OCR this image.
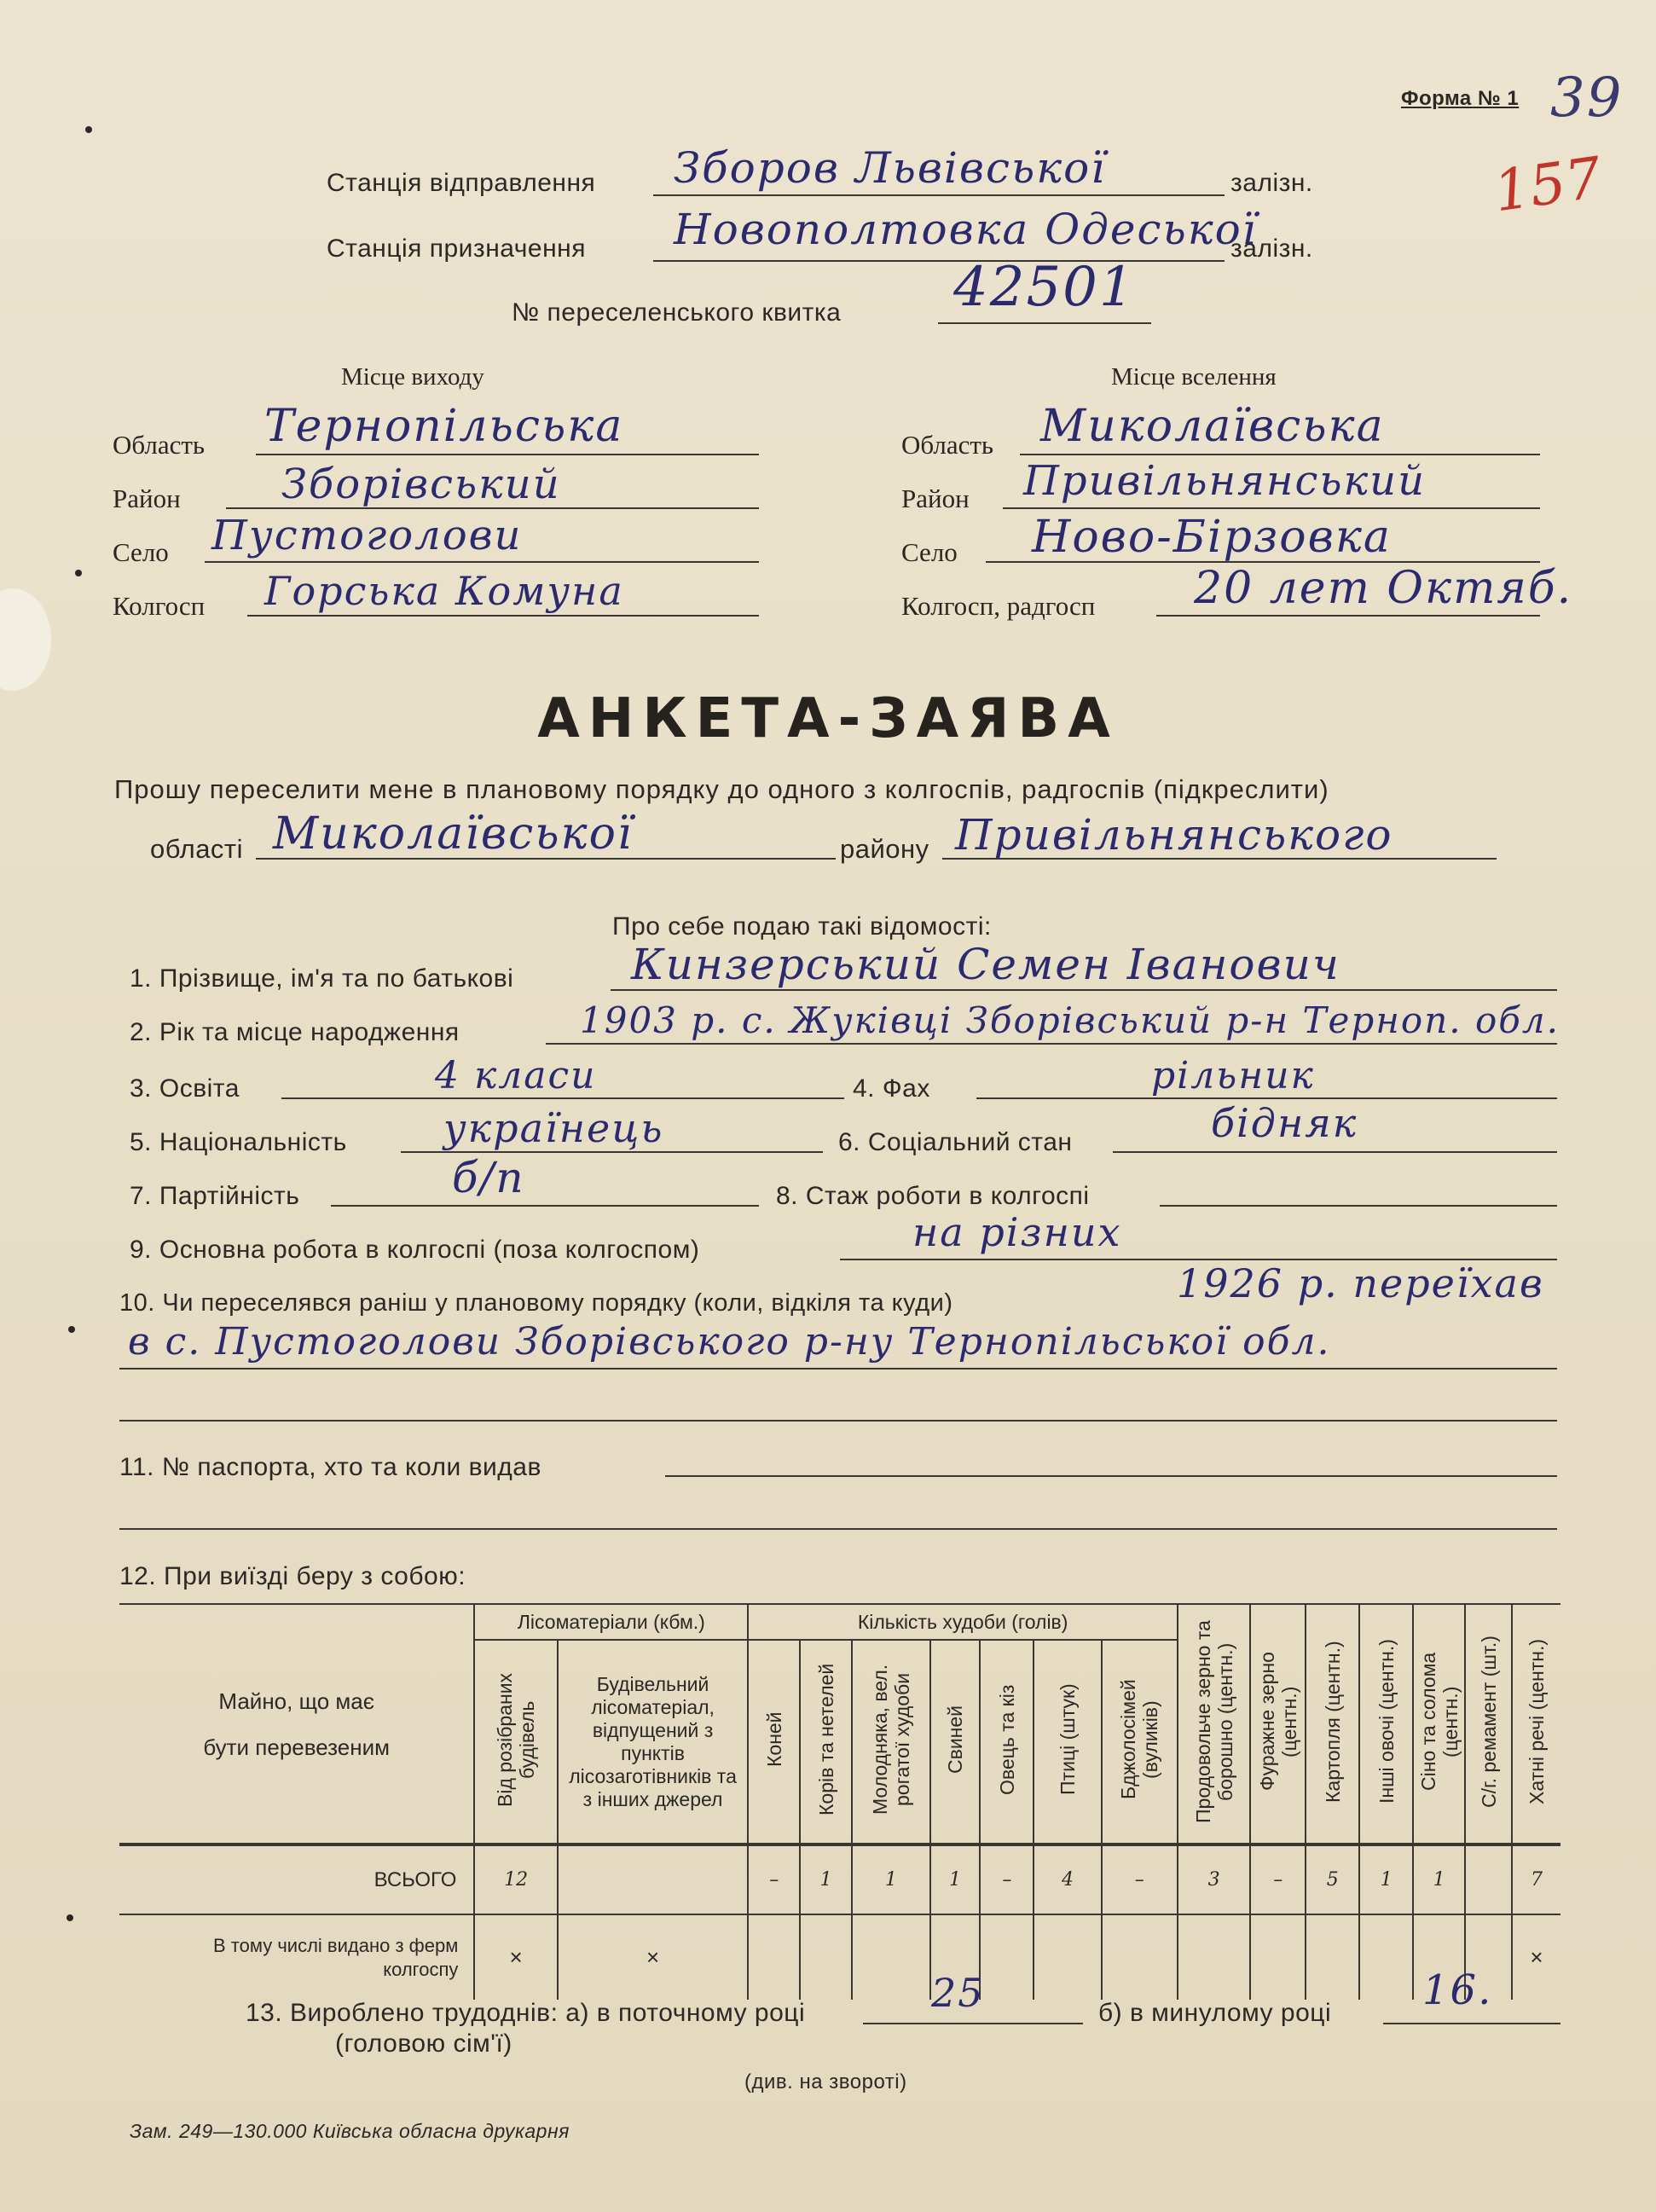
Форма № 1 39
157
Станція відправлення Зборов Львівської	залізн.
Станція призначення Новополтовка Одеської
залізн.
№ переселенського квитка 42501
Місце виходу	Місце вселення
Область Тернопільська
Район Зборівський
Село Пустоголови
Колгосп Горська Комуна
Область Миколаївська
Район Привільнянський
Село Ново-Бірзовка
Колгосп, радгосп 20 лет Октяб.
АНКЕТА-ЗАЯВА
Прошу переселити мене в плановому порядку до одного з колгоспів, радгоспів (підкреслити)
області Миколаївської	району Привільнянського
Про себе подаю такі відомості:
1. Прізвище, ім'я та по батькові	Кинзерський Семен Іванович
2. Рік та місце народження	1903 р. с. Жуківці Зборівський р-н Терноп. обл.
3. Освіта	4 класи	4. Фах	рільник
5. Національність українець	6. Соціальний стан	бідняк
7. Партійність	б/п	8. Стаж роботи в колгоспі
9. Основна робота в колгоспі (поза колгоспом)	на різних
10. Чи переселявся раніш у плановому порядку (коли, відкіля та куди)	1926 р. переїхав
в с. Пустоголови Зборівського р-ну Тернопільської обл.
11. № паспорта, хто та коли видав
12. При виїзді беру з собою:
Майно, що має бути перевезеним	Лісоматеріали (кбм.)		Кількість худоби (голів)							Продовольче зерно та борошно (центн.)	Фуражне зерно (центн.)	Картопля (центн.)	Інші овочі (центн.)	Сіно та солома (центн.)	С/г. ремамент (шт.)	Хатні речі (центн.)
	Від розібраних будівель	Будівельний лісоматеріал, відпущений з пунктів лісозаготівників та з інших джерел	Коней	Корів та нетелей	Молодняка, вел. рогатої худоби	Свиней	Овець та кіз	Птиці (штук)	Бджолосімей (вуликів)							
ВСЬОГО	12		–	1	1	1	–	4	–	3	–	5	1	1		7
В тому числі видано з ферм колгоспу	×	×														×
13. Вироблено трудоднів: а) в поточному році	25	б) в минулому році 16.
(головою сім'ї)
(див. на звороті)
Зам. 249—130.000 Київська обласна друкарня
